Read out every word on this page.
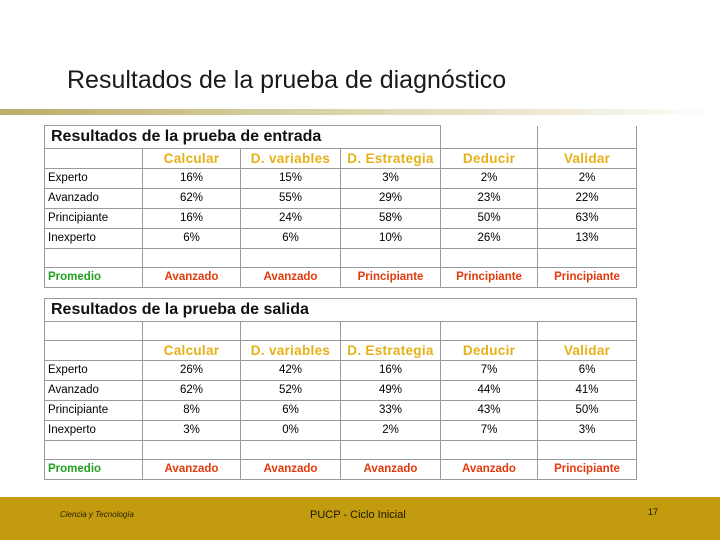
Resultados de la prueba de diagnóstico
Resultados de la prueba de entrada					
	Calcular	D. variables	D. Estrategia	Deducir	Validar
Experto	16%	15%	3%	2%	2%
Avanzado	62%	55%	29%	23%	22%
Principiante	16%	24%	58%	50%	63%
Inexperto	6%	6%	10%	26%	13%

Promedio	Avanzado	Avanzado	Principiante	Principiante	Principiante
Resultados de la prueba de salida					

	Calcular	D. variables	D. Estrategia	Deducir	Validar
Experto	26%	42%	16%	7%	6%
Avanzado	62%	52%	49%	44%	41%
Principiante	8%	6%	33%	43%	50%
Inexperto	3%	0%	2%	7%	3%

Promedio	Avanzado	Avanzado	Avanzado	Avanzado	Principiante
Ciencia y Tecnología	PUCP - Ciclo Inicial	17
